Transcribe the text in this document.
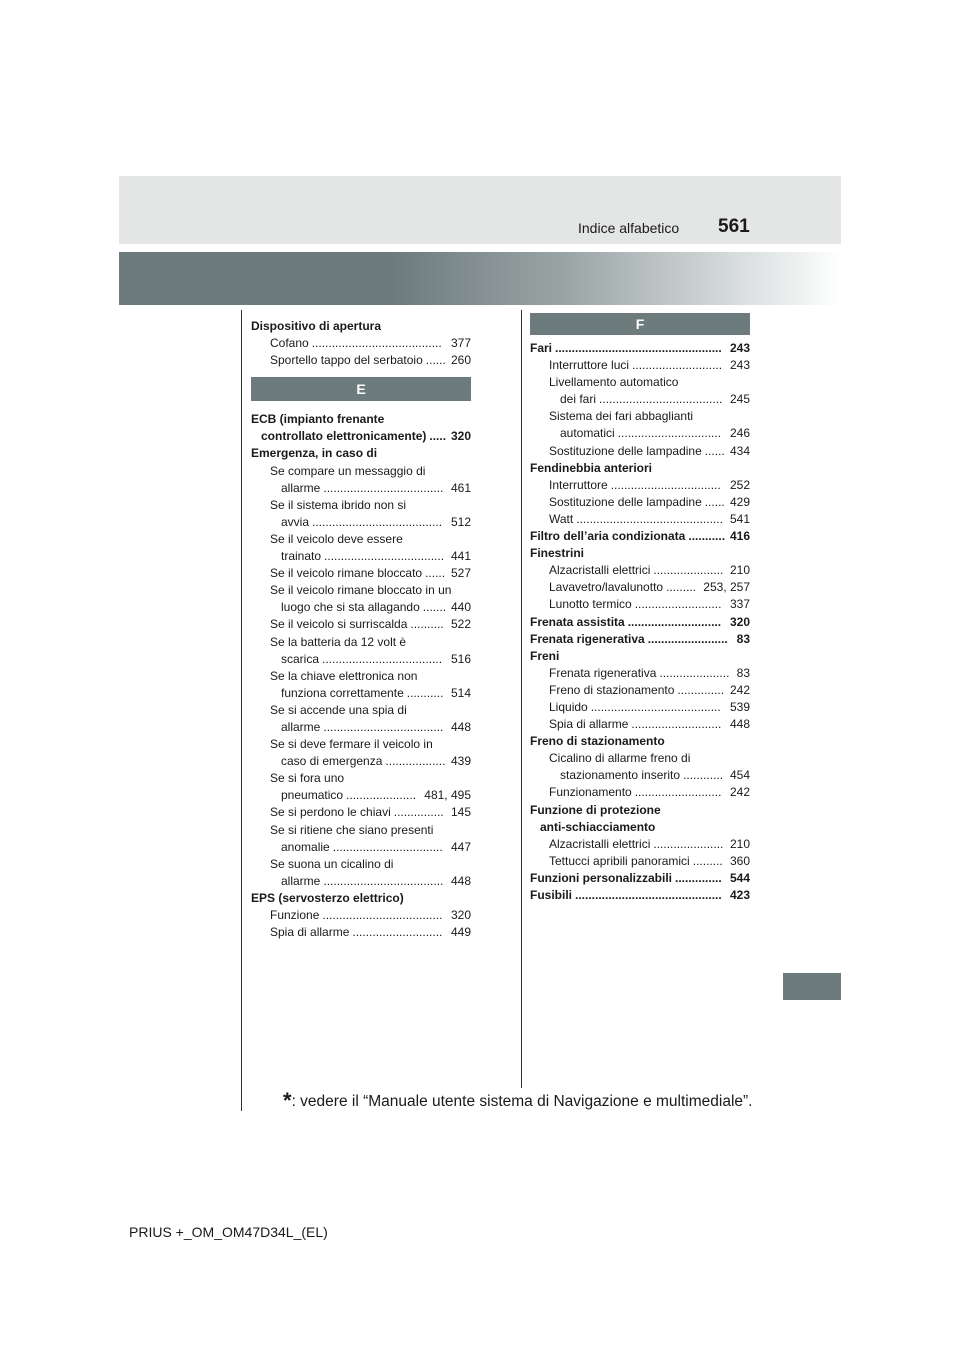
561
Indice alfabetico
Dispositivo di apertura
Cofano ....................................... 377
Sportello tappo del serbatoio ...... 260
E
ECB (impianto frenante
controllato elettronicamente) ..... 320
Emergenza, in caso di
Se compare un messaggio di
allarme .................................... 461
Se il sistema ibrido non si
avvia ....................................... 512
Se il veicolo deve essere
trainato .................................... 441
Se il veicolo rimane bloccato ...... 527
Se il veicolo rimane bloccato in un
luogo che si sta allagando ....... 440
Se il veicolo si surriscalda .......... 522
Se la batteria da 12 volt è
scarica .................................... 516
Se la chiave elettronica non
funziona correttamente ........... 514
Se si accende una spia di
allarme .................................... 448
Se si deve fermare il veicolo in
caso di emergenza .................. 439
Se si fora uno
pneumatico ..................... 481, 495
Se si perdono le chiavi ............... 145
Se si ritiene che siano presenti
anomalie ................................. 447
Se suona un cicalino di
allarme .................................... 448
EPS (servosterzo elettrico)
Funzione .................................... 320
Spia di allarme ........................... 449
F
Fari .................................................. 243
Interruttore luci ........................... 243
Livellamento automatico
dei fari ..................................... 245
Sistema dei fari abbaglianti
automatici ............................... 246
Sostituzione delle lampadine ...... 434
Fendinebbia anteriori
Interruttore ................................. 252
Sostituzione delle lampadine ...... 429
Watt ............................................ 541
Filtro dell’aria condizionata ........... 416
Finestrini
Alzacristalli elettrici ..................... 210
Lavavetro/lavalunotto ......... 253, 257
Lunotto termico .......................... 337
Frenata assistita ............................ 320
Frenata rigenerativa ........................ 83
Freni
Frenata rigenerativa ..................... 83
Freno di stazionamento .............. 242
Liquido ....................................... 539
Spia di allarme ........................... 448
Freno di stazionamento
Cicalino di allarme freno di
stazionamento inserito ............ 454
Funzionamento .......................... 242
Funzione di protezione
anti-schiacciamento
Alzacristalli elettrici ..................... 210
Tettucci apribili panoramici ......... 360
Funzioni personalizzabili .............. 544
Fusibili ............................................ 423
*: vedere il “Manuale utente sistema di Navigazione e multimediale”.
PRIUS +_OM_OM47D34L_(EL)
